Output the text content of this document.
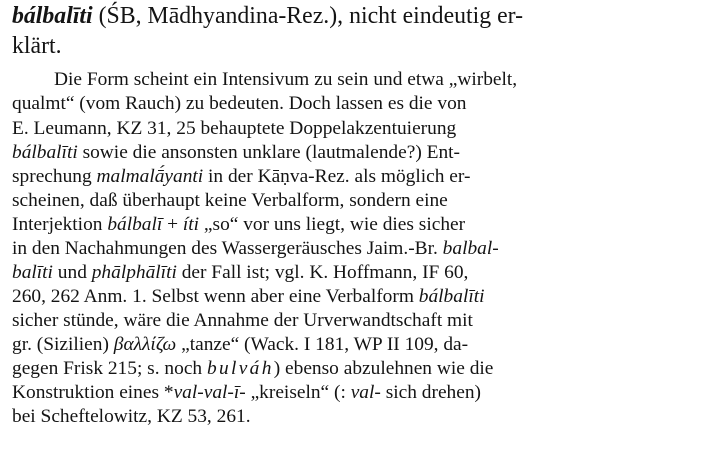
bálbalīti (ŚB, Mādhyandina-Rez.), nicht eindeutig er-
klärt.
Die Form scheint ein Intensivum zu sein und etwa „wirbelt,
qualmt“ (vom Rauch) zu bedeuten. Doch lassen es die von
E. Leumann, KZ 31, 25 behauptete Doppelakzentuierung
bálbalīti sowie die ansonsten unklare (lautmalende?) Ent-
sprechung malmalā́yanti in der Kāṇva-Rez. als möglich er-
scheinen, daß überhaupt keine Verbalform, sondern eine
Interjektion bálbalī + íti „so“ vor uns liegt, wie dies sicher
in den Nachahmungen des Wassergeräusches Jaim.-Br. balbal-
balīti und phālphālīti der Fall ist; vgl. K. Hoffmann, IF 60,
260, 262 Anm. 1. Selbst wenn aber eine Verbalform bálbalīti
sicher stünde, wäre die Annahme der Urverwandtschaft mit
gr. (Sizilien) βαλλίζω „tanze“ (Wack. I 181, WP II 109, da-
gegen Frisk 215; s. noch bulváh) ebenso abzulehnen wie die
Konstruktion eines *val-val-ī- „kreiseln“ (: val- sich drehen)
bei Scheftelowitz, KZ 53, 261.
